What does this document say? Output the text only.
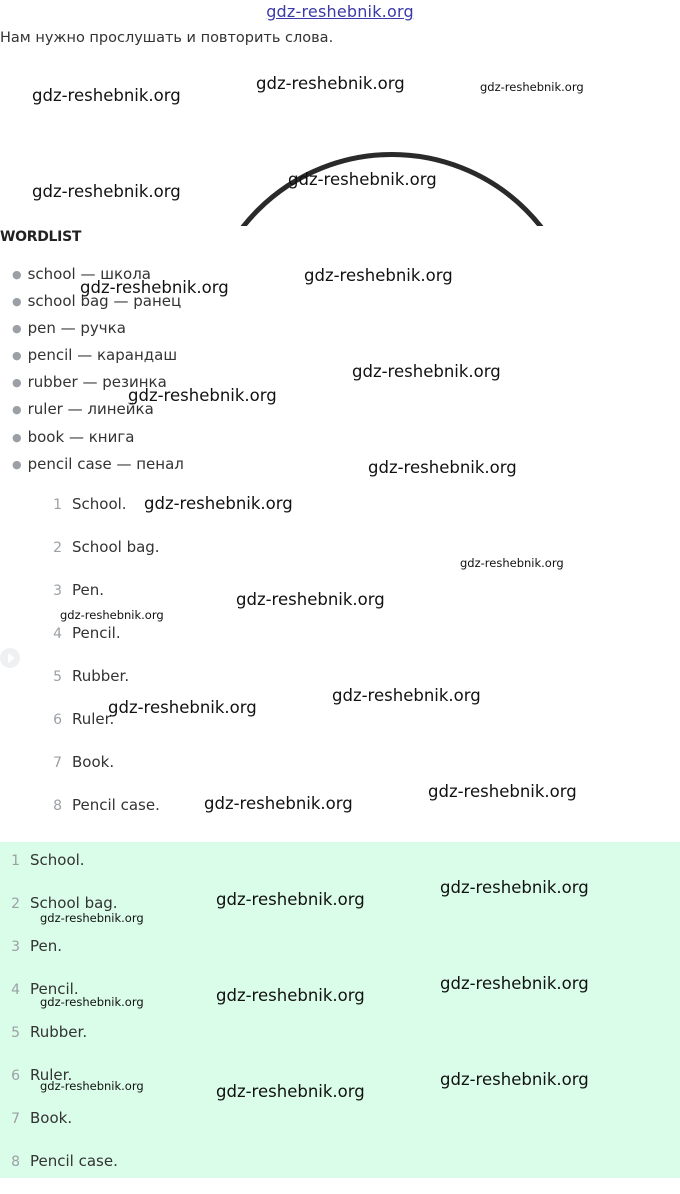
gdz-reshebnik.org
Нам нужно прослушать и повторить слова.
WORDLIST
● school — школа
● school bag — ранец
● pen — ручка
● pencil — карандаш
● rubber — резинка
● ruler — линейка
● book — книга
● pencil case — пенал
1 School.
2 School bag.
3 Pen.
4 Pencil.
5 Rubber.
6 Ruler.
7 Book.
8 Pencil case.
1 School.
2 School bag.
3 Pen.
4 Pencil.
5 Rubber.
6 Ruler.
7 Book.
8 Pencil case.
gdz-reshebnik.org
gdz-reshebnik.org	gdz-reshebnik.org
gdz-reshebnik.org
gdz-reshebnik.org
gdz-reshebnik.org
gdz-reshebnik.org
gdz-reshebnik.org
gdz-reshebnik.org
gdz-reshebnik.org
gdz-reshebnik.org
gdz-reshebnik.org
gdz-reshebnik.org
gdz-reshebnik.org
gdz-reshebnik.org
gdz-reshebnik.org
gdz-reshebnik.org
gdz-reshebnik.org
gdz-reshebnik.org
gdz-reshebnik.org
gdz-reshebnik.org
gdz-reshebnik.org
gdz-reshebnik.org
gdz-reshebnik.org
gdz-reshebnik.org
gdz-reshebnik.org
gdz-reshebnik.org
